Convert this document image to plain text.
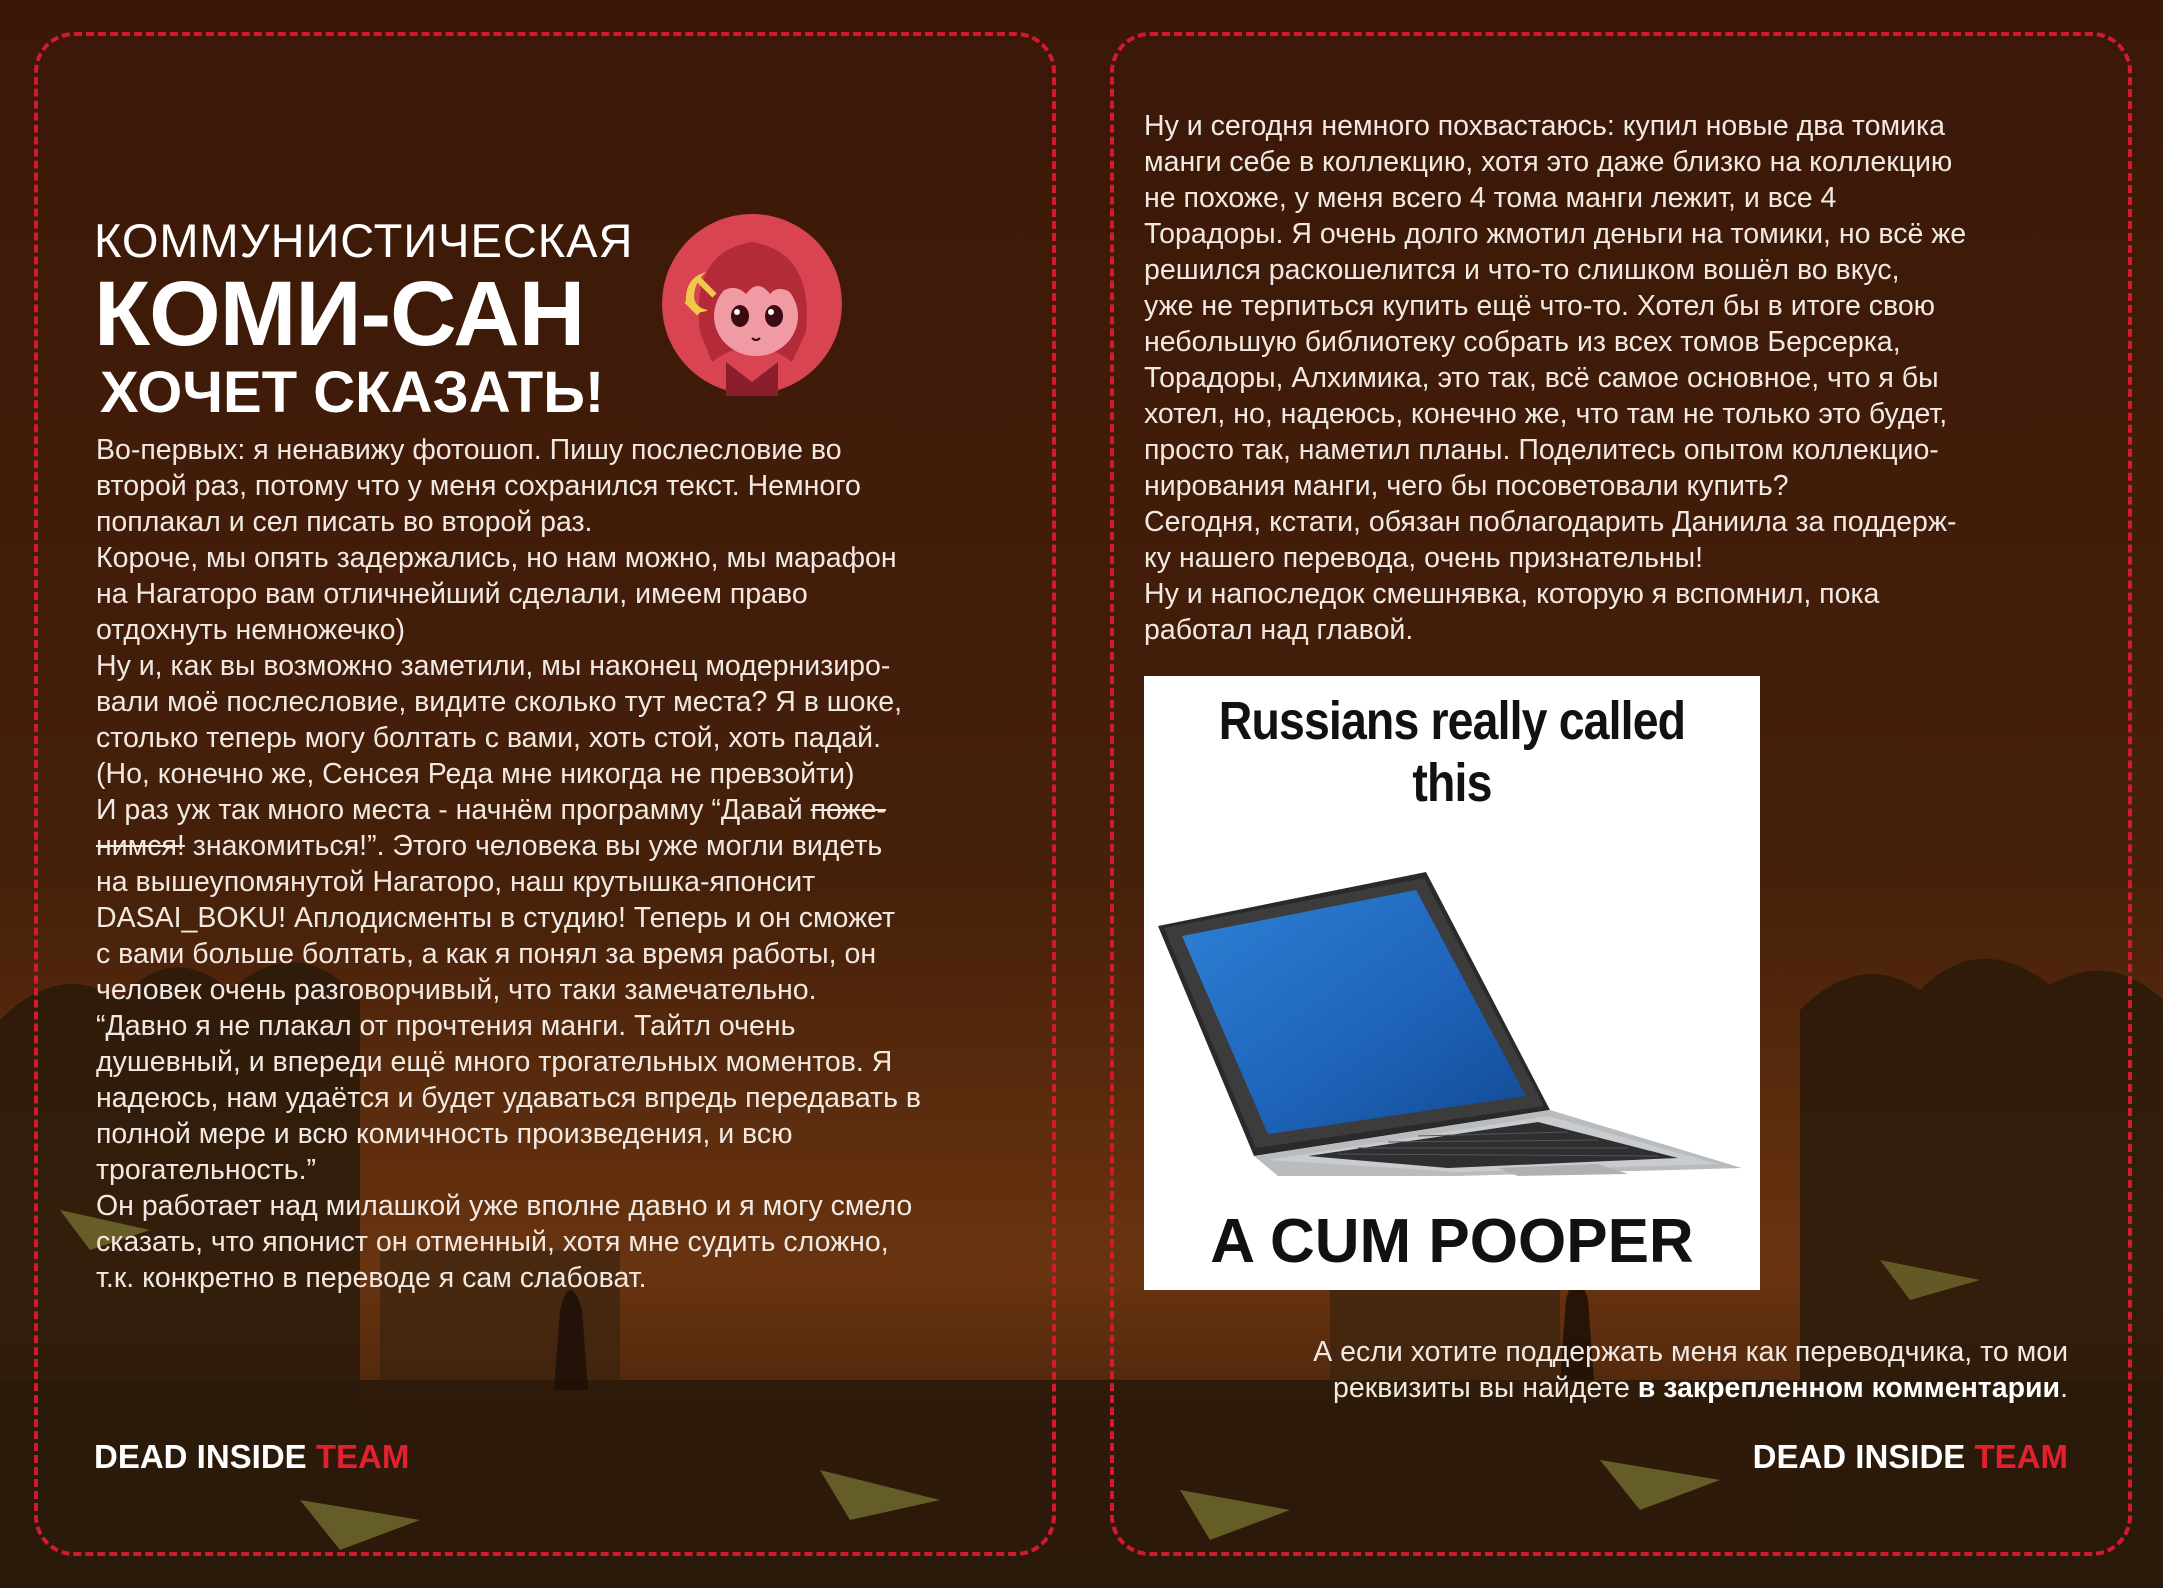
КОММУНИСТИЧЕСКАЯ
КОМИ-САН
ХОЧЕТ СКАЗАТЬ!

Во-первых: я ненавижу фотошоп. Пишу послесловие во

второй раз, потому что у меня сохранился текст. Немного

поплакал и сел писать во второй раз.

Короче, мы опять задержались, но нам можно, мы марафон

на Нагаторо вам отличнейший сделали, имеем право

отдохнуть немножечко)

Ну и, как вы возможно заметили, мы наконец модернизиро-

вали моё послесловие, видите сколько тут места? Я в шоке,

столько теперь могу болтать с вами, хоть стой, хоть падай.

(Но, конечно же, Сенсея Реда мне никогда не превзойти)

И раз уж так много места - начнём программу “Давай поже-

нимся! знакомиться!”. Этого человека вы уже могли видеть

на вышеупомянутой Нагаторо, наш крутышка-японсит

DASAI_BOKU! Аплодисменты в студию! Теперь и он сможет

с вами больше болтать, а как я понял за время работы, он

человек очень разговорчивый, что таки замечательно.

“Давно я не плакал от прочтения манги. Тайтл очень

душевный, и впереди ещё много трогательных моментов. Я

надеюсь, нам удаётся и будет удаваться впредь передавать в

полной мере и всю комичность произведения, и всю

трогательность.”

Он работает над милашкой уже вполне давно и я могу смело

сказать, что японист он отменный, хотя мне судить сложно,

т.к. конкретно в переводе я сам слабоват.

Ну и сегодня немного похвастаюсь: купил новые два томика

манги себе в коллекцию, хотя это даже близко на коллекцию

не похоже, у меня всего 4 тома манги лежит, и все 4

Торадоры. Я очень долго жмотил деньги на томики, но всё же

решился раскошелится и что-то слишком вошёл во вкус,

уже не терпиться купить ещё что-то. Хотел бы в итоге свою

небольшую библиотеку собрать из всех томов Берсерка,

Торадоры, Алхимика, это так, всё самое основное, что я бы

хотел, но, надеюсь, конечно же, что там не только это будет,

просто так, наметил планы. Поделитесь опытом коллекцио-

нирования манги, чего бы посоветовали купить?

Сегодня, кстати, обязан поблагодарить Даниила за поддерж-

ку нашего перевода, очень признательны!

Ну и напоследок смешнявка, которую я вспомнил, пока

работал над главой.

Russians really called this
A CUM POOPER
А если хотите поддержать меня как переводчика, то мои
реквизиты вы найдете в закрепленном комментарии.
DEAD INSIDE TEAM	DEAD INSIDE TEAM
